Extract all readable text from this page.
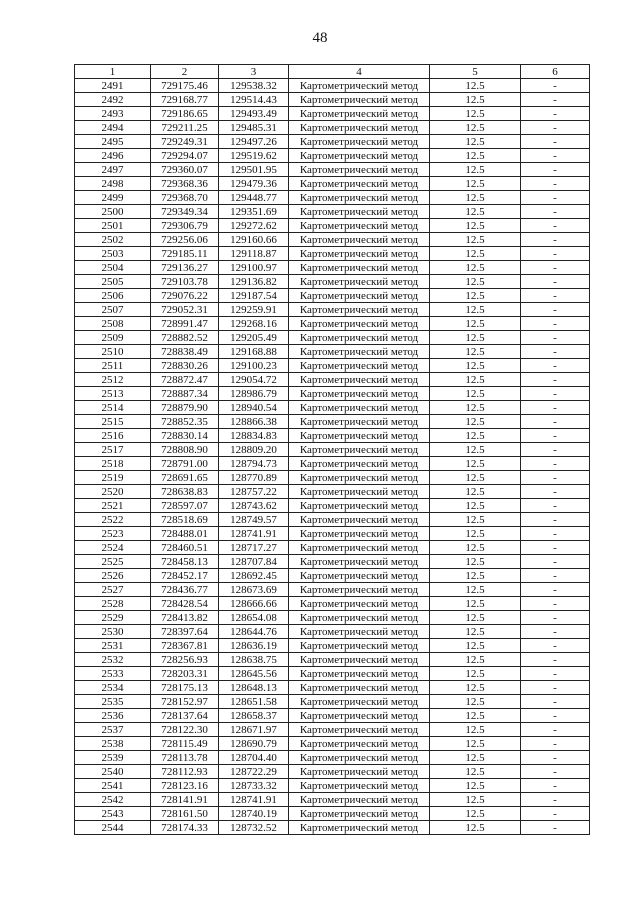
48
1	2	3	4	5	6
2491	729175.46	129538.32	Картометрический метод	12.5	-
2492	729168.77	129514.43	Картометрический метод	12.5	-
2493	729186.65	129493.49	Картометрический метод	12.5	-
2494	729211.25	129485.31	Картометрический метод	12.5	-
2495	729249.31	129497.26	Картометрический метод	12.5	-
2496	729294.07	129519.62	Картометрический метод	12.5	-
2497	729360.07	129501.95	Картометрический метод	12.5	-
2498	729368.36	129479.36	Картометрический метод	12.5	-
2499	729368.70	129448.77	Картометрический метод	12.5	-
2500	729349.34	129351.69	Картометрический метод	12.5	-
2501	729306.79	129272.62	Картометрический метод	12.5	-
2502	729256.06	129160.66	Картометрический метод	12.5	-
2503	729185.11	129118.87	Картометрический метод	12.5	-
2504	729136.27	129100.97	Картометрический метод	12.5	-
2505	729103.78	129136.82	Картометрический метод	12.5	-
2506	729076.22	129187.54	Картометрический метод	12.5	-
2507	729052.31	129259.91	Картометрический метод	12.5	-
2508	728991.47	129268.16	Картометрический метод	12.5	-
2509	728882.52	129205.49	Картометрический метод	12.5	-
2510	728838.49	129168.88	Картометрический метод	12.5	-
2511	728830.26	129100.23	Картометрический метод	12.5	-
2512	728872.47	129054.72	Картометрический метод	12.5	-
2513	728887.34	128986.79	Картометрический метод	12.5	-
2514	728879.90	128940.54	Картометрический метод	12.5	-
2515	728852.35	128866.38	Картометрический метод	12.5	-
2516	728830.14	128834.83	Картометрический метод	12.5	-
2517	728808.90	128809.20	Картометрический метод	12.5	-
2518	728791.00	128794.73	Картометрический метод	12.5	-
2519	728691.65	128770.89	Картометрический метод	12.5	-
2520	728638.83	128757.22	Картометрический метод	12.5	-
2521	728597.07	128743.62	Картометрический метод	12.5	-
2522	728518.69	128749.57	Картометрический метод	12.5	-
2523	728488.01	128741.91	Картометрический метод	12.5	-
2524	728460.51	128717.27	Картометрический метод	12.5	-
2525	728458.13	128707.84	Картометрический метод	12.5	-
2526	728452.17	128692.45	Картометрический метод	12.5	-
2527	728436.77	128673.69	Картометрический метод	12.5	-
2528	728428.54	128666.66	Картометрический метод	12.5	-
2529	728413.82	128654.08	Картометрический метод	12.5	-
2530	728397.64	128644.76	Картометрический метод	12.5	-
2531	728367.81	128636.19	Картометрический метод	12.5	-
2532	728256.93	128638.75	Картометрический метод	12.5	-
2533	728203.31	128645.56	Картометрический метод	12.5	-
2534	728175.13	128648.13	Картометрический метод	12.5	-
2535	728152.97	128651.58	Картометрический метод	12.5	-
2536	728137.64	128658.37	Картометрический метод	12.5	-
2537	728122.30	128671.97	Картометрический метод	12.5	-
2538	728115.49	128690.79	Картометрический метод	12.5	-
2539	728113.78	128704.40	Картометрический метод	12.5	-
2540	728112.93	128722.29	Картометрический метод	12.5	-
2541	728123.16	128733.32	Картометрический метод	12.5	-
2542	728141.91	128741.91	Картометрический метод	12.5	-
2543	728161.50	128740.19	Картометрический метод	12.5	-
2544	728174.33	128732.52	Картометрический метод	12.5	-
